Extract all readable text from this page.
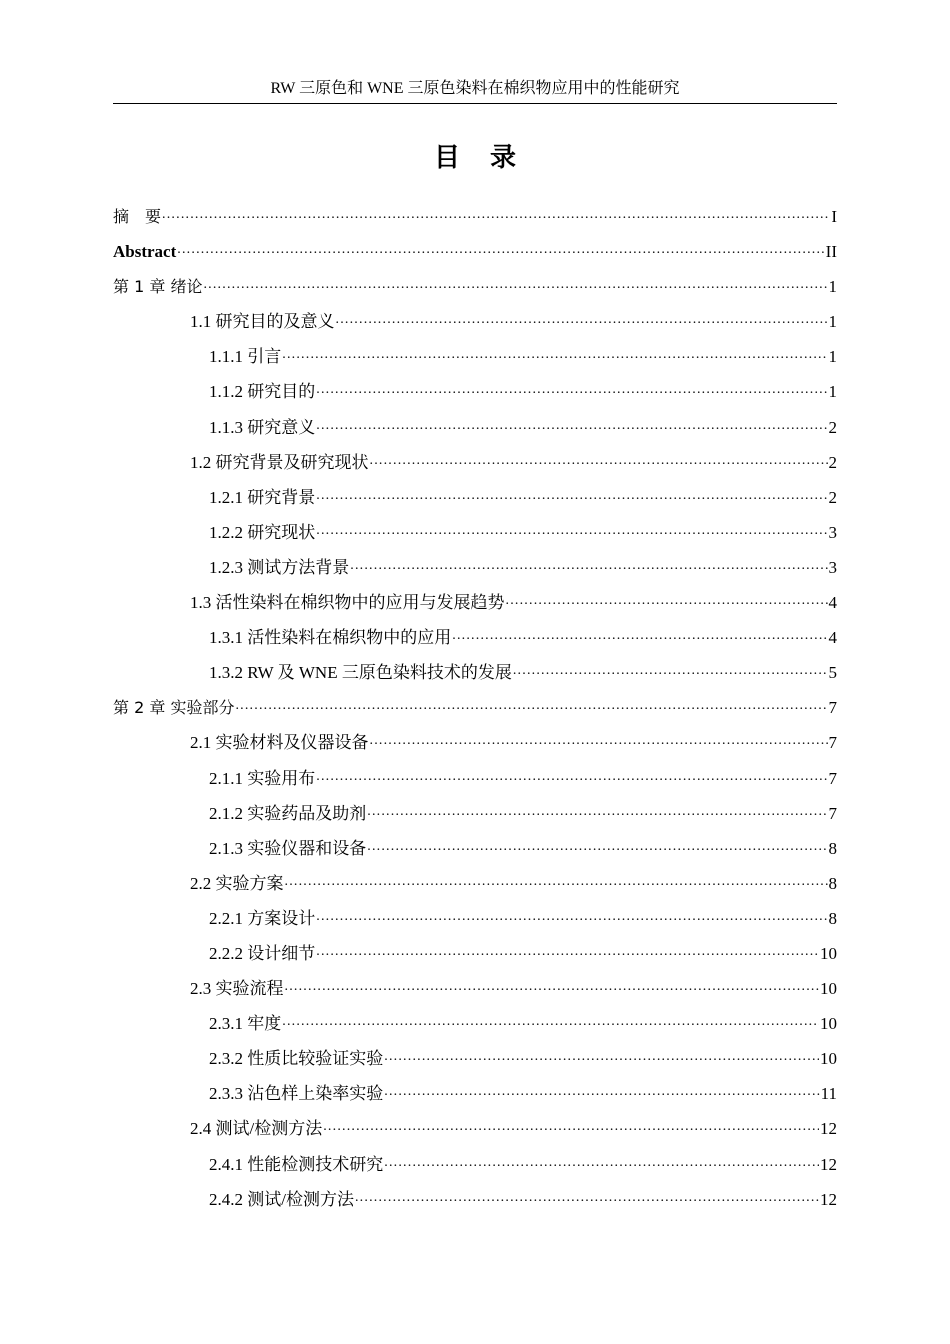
RW 三原色和 WNE 三原色染料在棉织物应用中的性能研究
目录
摘　要 .....	I
Abstract .....	II
第 1 章 绪论 .....	1
1.1 研究目的及意义 .....	1
1.1.1 引言 .....	1
1.1.2 研究目的 .....	1
1.1.3 研究意义 .....	2
1.2 研究背景及研究现状 .....	2
1.2.1 研究背景 .....	2
1.2.2 研究现状 .....	3
1.2.3 测试方法背景 .....	3
1.3 活性染料在棉织物中的应用与发展趋势 .....	4
1.3.1 活性染料在棉织物中的应用 .....	4
1.3.2 RW 及 WNE 三原色染料技术的发展 .....	5
第 2 章 实验部分 .....	7
2.1 实验材料及仪器设备 .....	7
2.1.1 实验用布 .....	7
2.1.2 实验药品及助剂 .....	7
2.1.3 实验仪器和设备 .....	8
2.2 实验方案 .....	8
2.2.1 方案设计 .....	8
2.2.2 设计细节 .....	10
2.3 实验流程 .....	10
2.3.1 牢度 .....	10
2.3.2 性质比较验证实验 .....	10
2.3.3 沾色样上染率实验 .....	11
2.4 测试/检测方法 .....	12
2.4.1 性能检测技术研究 .....	12
2.4.2 测试/检测方法 .....	12
